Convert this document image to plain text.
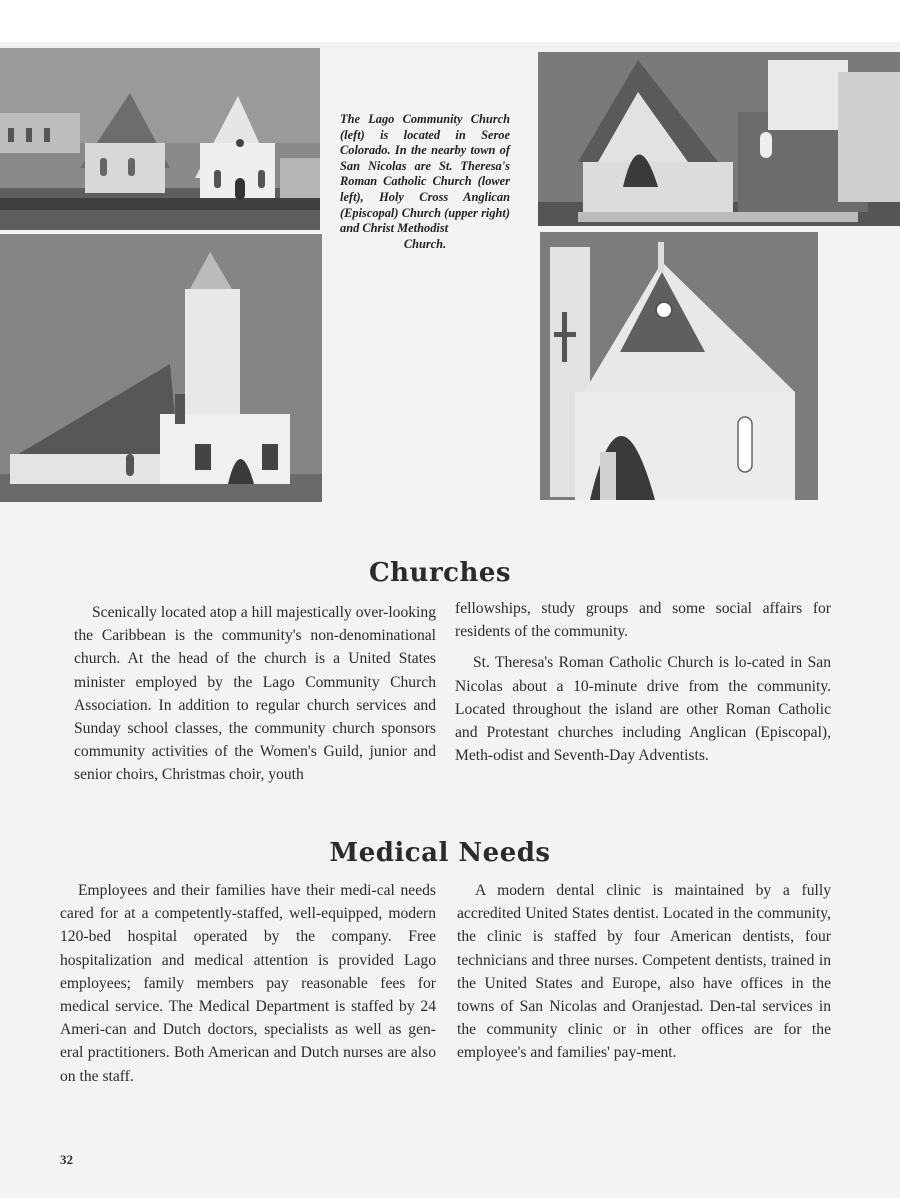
The Lago Community Church (left) is located in Seroe Colorado. In the nearby town of San Nicolas are St. Theresa's Roman Catholic Church (lower left), Holy Cross Anglican (Episcopal) Church (upper right) and Christ Methodist
Church.
Churches

Scenically located atop a hill majestically over-looking the Caribbean is the community's non-denominational church. At the head of the church is a United States minister employed by the Lago Community Church Association. In addition to regular church services and Sunday school classes, the community church sponsors community activities of the Women's Guild, junior and senior choirs, Christmas choir, youth

fellowships, study groups and some social affairs for residents of the community.

St. Theresa's Roman Catholic Church is lo-cated in San Nicolas about a 10-minute drive from the community. Located throughout the island are other Roman Catholic and Protestant churches including Anglican (Episcopal), Meth-odist and Seventh-Day Adventists.

Medical Needs

Employees and their families have their medi-cal needs cared for at a competently-staffed, well-equipped, modern 120-bed hospital operated by the company. Free hospitalization and medical attention is provided Lago employees; family members pay reasonable fees for medical service. The Medical Department is staffed by 24 Ameri-can and Dutch doctors, specialists as well as gen-eral practitioners. Both American and Dutch nurses are also on the staff.

A modern dental clinic is maintained by a fully accredited United States dentist. Located in the community, the clinic is staffed by four American dentists, four technicians and three nurses. Competent dentists, trained in the United States and Europe, also have offices in the towns of San Nicolas and Oranjestad. Den-tal services in the community clinic or in other offices are for the employee's and families' pay-ment.

32
